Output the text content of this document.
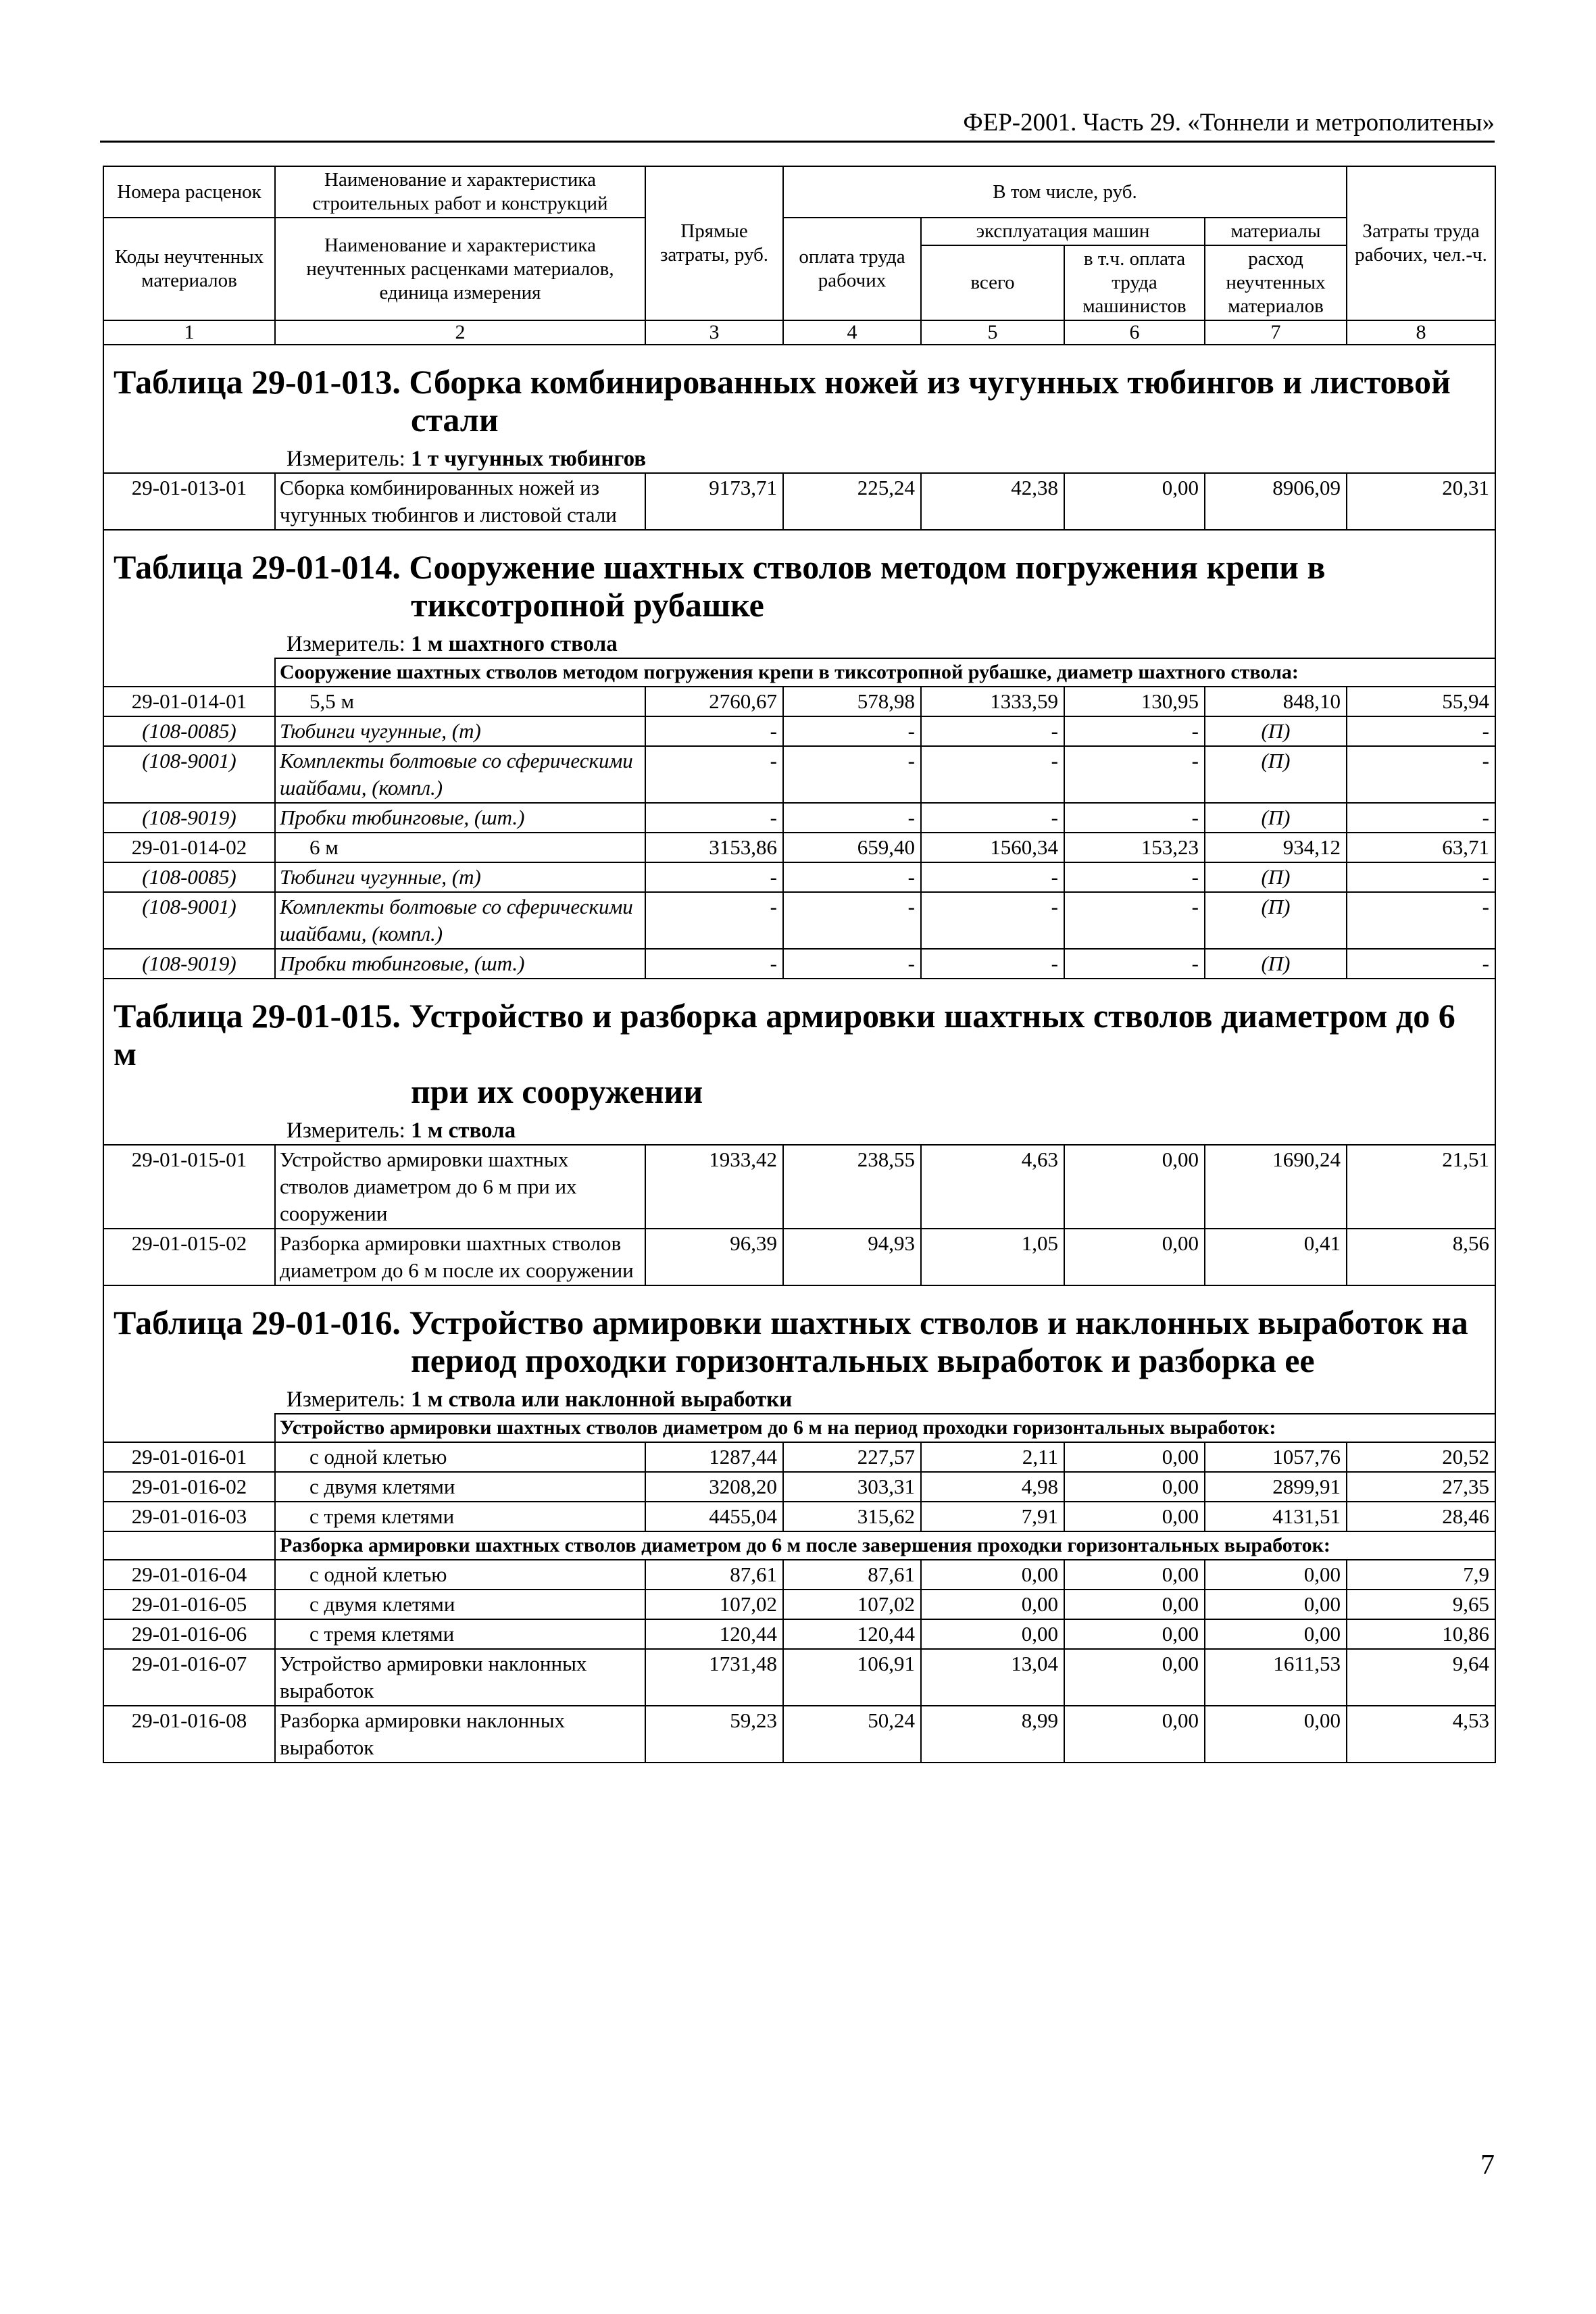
ФЕР-2001. Часть 29. «Тоннели и метрополитены»
Номера расценок	Наименование и характеристика строительных работ и конструкций	Прямые затраты, руб.	В том числе, руб.				Затраты труда рабочих, чел.-ч.
Коды неучтенных материалов	Наименование и характеристика неучтенных расценками материалов, единица измерения		оплата труда рабочих	эксплуатация машин		материалы	
				всего	в т.ч. оплата труда машинистов	расход неучтенных материалов	
1	2	3	4	5	6	7	8

Таблица 29-01-013. Сборка комбинированных ножей из чугунных тюбингов и листовой
стали							

Измеритель: 1 т чугунных тюбингов							
29-01-013-01	Сборка комбинированных ножей из чугунных тюбингов и листовой стали	9173,71	225,24	42,38	0,00	8906,09	20,31

Таблица 29-01-014. Сооружение шахтных стволов методом погружения крепи в
тиксотропной рубашке							

Измеритель: 1 м шахтного ствола							
	Сооружение шахтных стволов методом погружения крепи в тиксотропной рубашке, диаметр шахтного ствола:						
29-01-014-01	5,5 м	2760,67	578,98	1333,59	130,95	848,10	55,94
(108-0085)	Тюбинги чугунные, (т)	-	-	-	-	(П)	-
(108-9001)	Комплекты болтовые со сферическими шайбами, (компл.)	-	-	-	-	(П)	-
(108-9019)	Пробки тюбинговые, (шт.)	-	-	-	-	(П)	-
29-01-014-02	6 м	3153,86	659,40	1560,34	153,23	934,12	63,71
(108-0085)	Тюбинги чугунные, (т)	-	-	-	-	(П)	-
(108-9001)	Комплекты болтовые со сферическими шайбами, (компл.)	-	-	-	-	(П)	-
(108-9019)	Пробки тюбинговые, (шт.)	-	-	-	-	(П)	-

Таблица 29-01-015. Устройство и разборка армировки шахтных стволов диаметром до 6 м
при их сооружении							

Измеритель: 1 м ствола							
29-01-015-01	Устройство армировки шахтных стволов диаметром до 6 м при их сооружении	1933,42	238,55	4,63	0,00	1690,24	21,51
29-01-015-02	Разборка армировки шахтных стволов диаметром до 6 м после их сооружении	96,39	94,93	1,05	0,00	0,41	8,56

Таблица 29-01-016. Устройство армировки шахтных стволов и наклонных выработок на
период проходки горизонтальных выработок и разборка ее							

Измеритель: 1 м ствола или наклонной выработки							
	Устройство армировки шахтных стволов диаметром до 6 м на период проходки горизонтальных выработок:						
29-01-016-01	с одной клетью	1287,44	227,57	2,11	0,00	1057,76	20,52
29-01-016-02	с двумя клетями	3208,20	303,31	4,98	0,00	2899,91	27,35
29-01-016-03	с тремя клетями	4455,04	315,62	7,91	0,00	4131,51	28,46
	Разборка армировки шахтных стволов диаметром до 6 м после завершения проходки горизонтальных выработок:						
29-01-016-04	с одной клетью	87,61	87,61	0,00	0,00	0,00	7,9
29-01-016-05	с двумя клетями	107,02	107,02	0,00	0,00	0,00	9,65
29-01-016-06	с тремя клетями	120,44	120,44	0,00	0,00	0,00	10,86
29-01-016-07	Устройство армировки наклонных выработок	1731,48	106,91	13,04	0,00	1611,53	9,64
29-01-016-08	Разборка армировки наклонных выработок	59,23	50,24	8,99	0,00	0,00	4,53
7
